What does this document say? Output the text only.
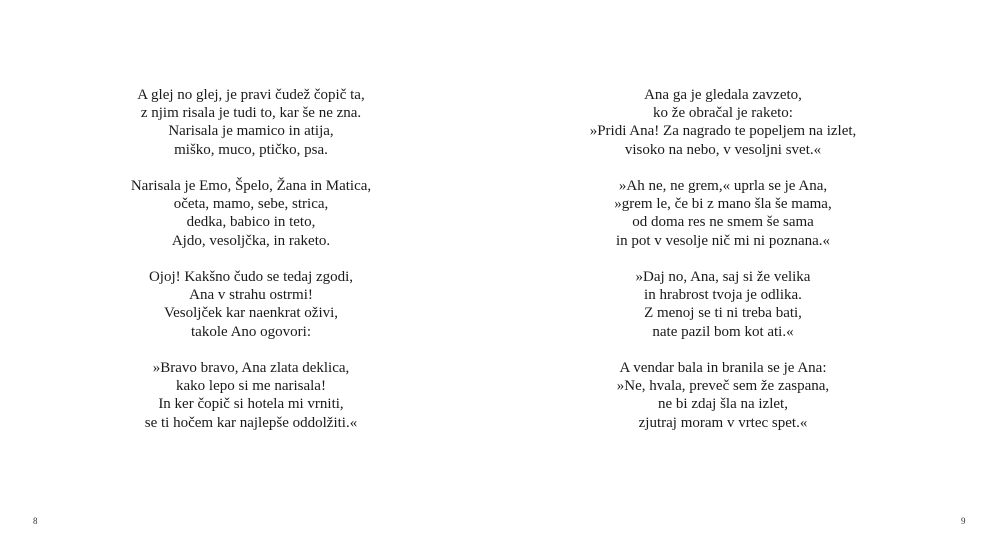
A glej no glej, je pravi čudež čopič ta,
z njim risala je tudi to, kar še ne zna.
Narisala je mamico in atija,
miško, muco, ptičko, psa.

Narisala je Emo, Špelo, Žana in Matica,
očeta, mamo, sebe, strica,
dedka, babico in teto,
Ajdo, vesoljčka, in raketo.

Ojoj! Kakšno čudo se tedaj zgodi,
Ana v strahu ostrmi!
Vesoljček kar naenkrat oživi,
takole Ano ogovori:

»Bravo bravo, Ana zlata deklica,
kako lepo si me narisala!
In ker čopič si hotela mi vrniti,
se ti hočem kar najlepše oddolžiti.«

8

Ana ga je gledala zavzeto,
ko že obračal je raketo:
»Pridi Ana! Za nagrado te popeljem na izlet,
visoko na nebo, v vesoljni svet.«

»Ah ne, ne grem,« uprla se je Ana,
»grem le, če bi z mano šla še mama,
od doma res ne smem še sama
in pot v vesolje nič mi ni poznana.«

»Daj no, Ana, saj si že velika
in hrabrost tvoja je odlika.
Z menoj se ti ni treba bati,
nate pazil bom kot ati.«

A vendar bala in branila se je Ana:
»Ne, hvala, preveč sem že zaspana,
ne bi zdaj šla na izlet,
zjutraj moram v vrtec spet.«

9
